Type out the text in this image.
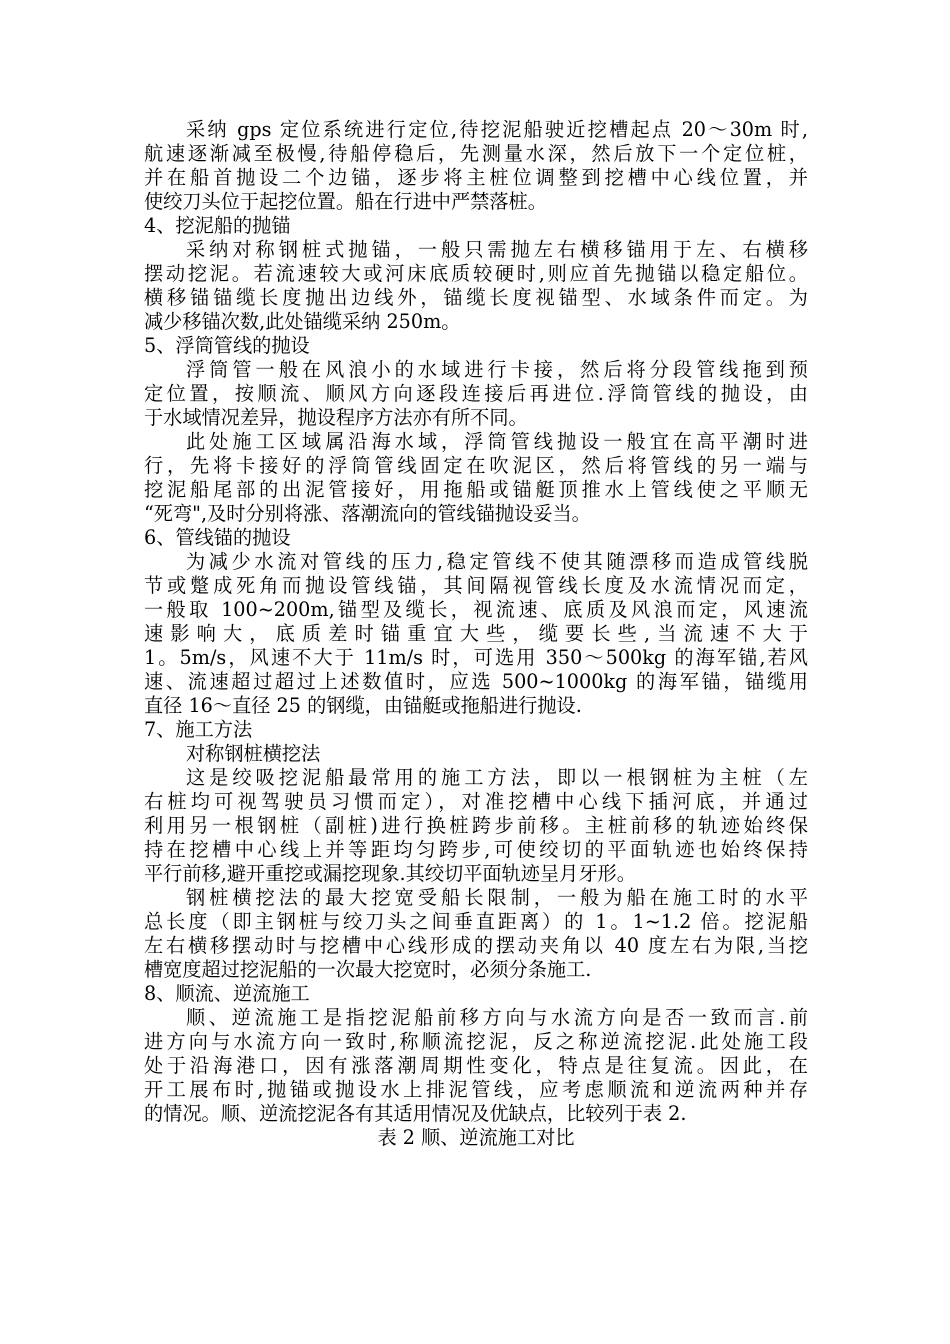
采纳 gps 定位系统进行定位,待挖泥船驶近挖槽起点 20～30m 时,
航速逐渐减至极慢,待船停稳后，先测量水深，然后放下一个定位桩，
并在船首抛设二个边锚，逐步将主桩位调整到挖槽中心线位置，并
使绞刀头位于起挖位置。船在行进中严禁落桩。
4、挖泥船的抛锚
采纳对称钢桩式抛锚，一般只需抛左右横移锚用于左、右横移
摆动挖泥。若流速较大或河床底质较硬时,则应首先抛锚以稳定船位。
横移锚锚缆长度抛出边线外，锚缆长度视锚型、水域条件而定。为
减少移锚次数,此处锚缆采纳 250m。
5、浮筒管线的抛设
浮筒管一般在风浪小的水域进行卡接，然后将分段管线拖到预
定位置，按顺流、顺风方向逐段连接后再进位.浮筒管线的抛设，由
于水域情况差异，抛设程序方法亦有所不同。
此处施工区域属沿海水域，浮筒管线抛设一般宜在高平潮时进
行，先将卡接好的浮筒管线固定在吹泥区，然后将管线的另一端与
挖泥船尾部的出泥管接好，用拖船或锚艇顶推水上管线使之平顺无
“死弯",及时分别将涨、落潮流向的管线锚抛设妥当。
6、管线锚的抛设
为减少水流对管线的压力,稳定管线不使其随漂移而造成管线脱
节或蹩成死角而抛设管线锚，其间隔视管线长度及水流情况而定，
一般取 100~200m,锚型及缆长，视流速、底质及风浪而定，风速流
速影响大，底质差时锚重宜大些，缆要长些,当流速不大于
1。5m/s，风速不大于 11m/s 时，可选用 350～500kg 的海军锚,若风
速、流速超过超过上述数值时，应选 500~1000kg 的海军锚，锚缆用
直径 16～直径 25 的钢缆，由锚艇或拖船进行抛设.
7、施工方法
对称钢桩横挖法
这是绞吸挖泥船最常用的施工方法，即以一根钢桩为主桩（左
右桩均可视驾驶员习惯而定），对准挖槽中心线下插河底，并通过
利用另一根钢桩（副桩)进行换桩跨步前移。主桩前移的轨迹始终保
持在挖槽中心线上并等距均匀跨步,可使绞切的平面轨迹也始终保持
平行前移,避开重挖或漏挖现象.其绞切平面轨迹呈月牙形。
钢桩横挖法的最大挖宽受船长限制，一般为船在施工时的水平
总长度（即主钢桩与绞刀头之间垂直距离）的 1。1~1.2 倍。挖泥船
左右横移摆动时与挖槽中心线形成的摆动夹角以 40 度左右为限,当挖
槽宽度超过挖泥船的一次最大挖宽时，必须分条施工.
8、顺流、逆流施工
顺、逆流施工是指挖泥船前移方向与水流方向是否一致而言.前
进方向与水流方向一致时,称顺流挖泥，反之称逆流挖泥.此处施工段
处于沿海港口，因有涨落潮周期性变化，特点是往复流。因此，在
开工展布时,抛锚或抛设水上排泥管线，应考虑顺流和逆流两种并存
的情况。顺、逆流挖泥各有其适用情况及优缺点，比较列于表 2.
表 2 顺、逆流施工对比
